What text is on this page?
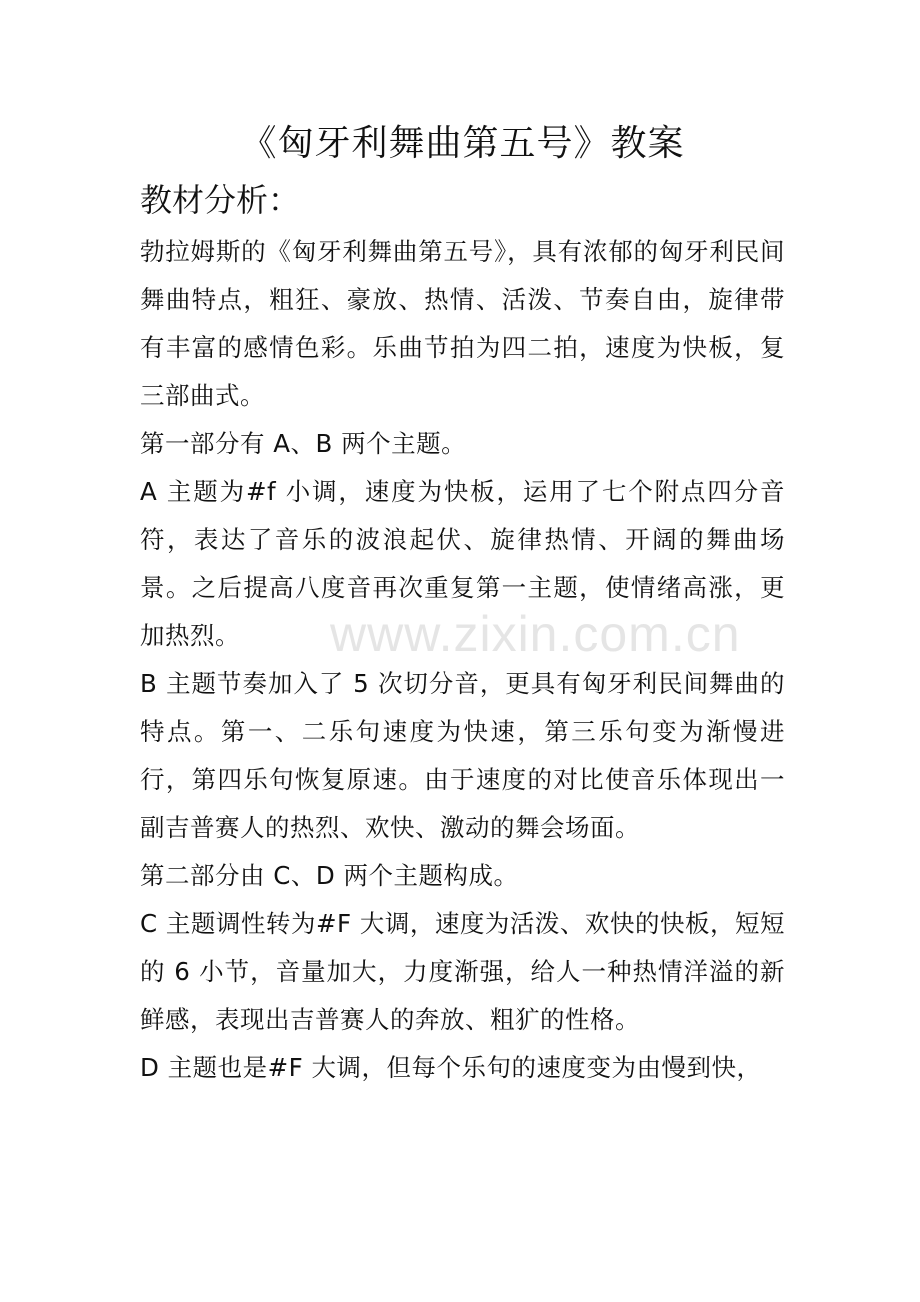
《匈牙利舞曲第五号》教案
教材分析：

勃拉姆斯的《匈牙利舞曲第五号》，具有浓郁的匈牙利民间舞曲特点，粗狂、豪放、热情、活泼、节奏自由，旋律带有丰富的感情色彩。乐曲节拍为四二拍，速度为快板，复三部曲式。

第一部分有 A、B 两个主题。

A 主题为#f 小调，速度为快板，运用了七个附点四分音符，表达了音乐的波浪起伏、旋律热情、开阔的舞曲场景。之后提高八度音再次重复第一主题，使情绪高涨，更加热烈。

B 主题节奏加入了 5 次切分音，更具有匈牙利民间舞曲的特点。第一、二乐句速度为快速，第三乐句变为渐慢进行，第四乐句恢复原速。由于速度的对比使音乐体现出一副吉普赛人的热烈、欢快、激动的舞会场面。

第二部分由 C、D 两个主题构成。

C 主题调性转为#F 大调，速度为活泼、欢快的快板，短短的 6 小节，音量加大，力度渐强，给人一种热情洋溢的新鲜感，表现出吉普赛人的奔放、粗犷的性格。

D 主题也是#F 大调，但每个乐句的速度变为由慢到快，

www.zixin.com.cn
